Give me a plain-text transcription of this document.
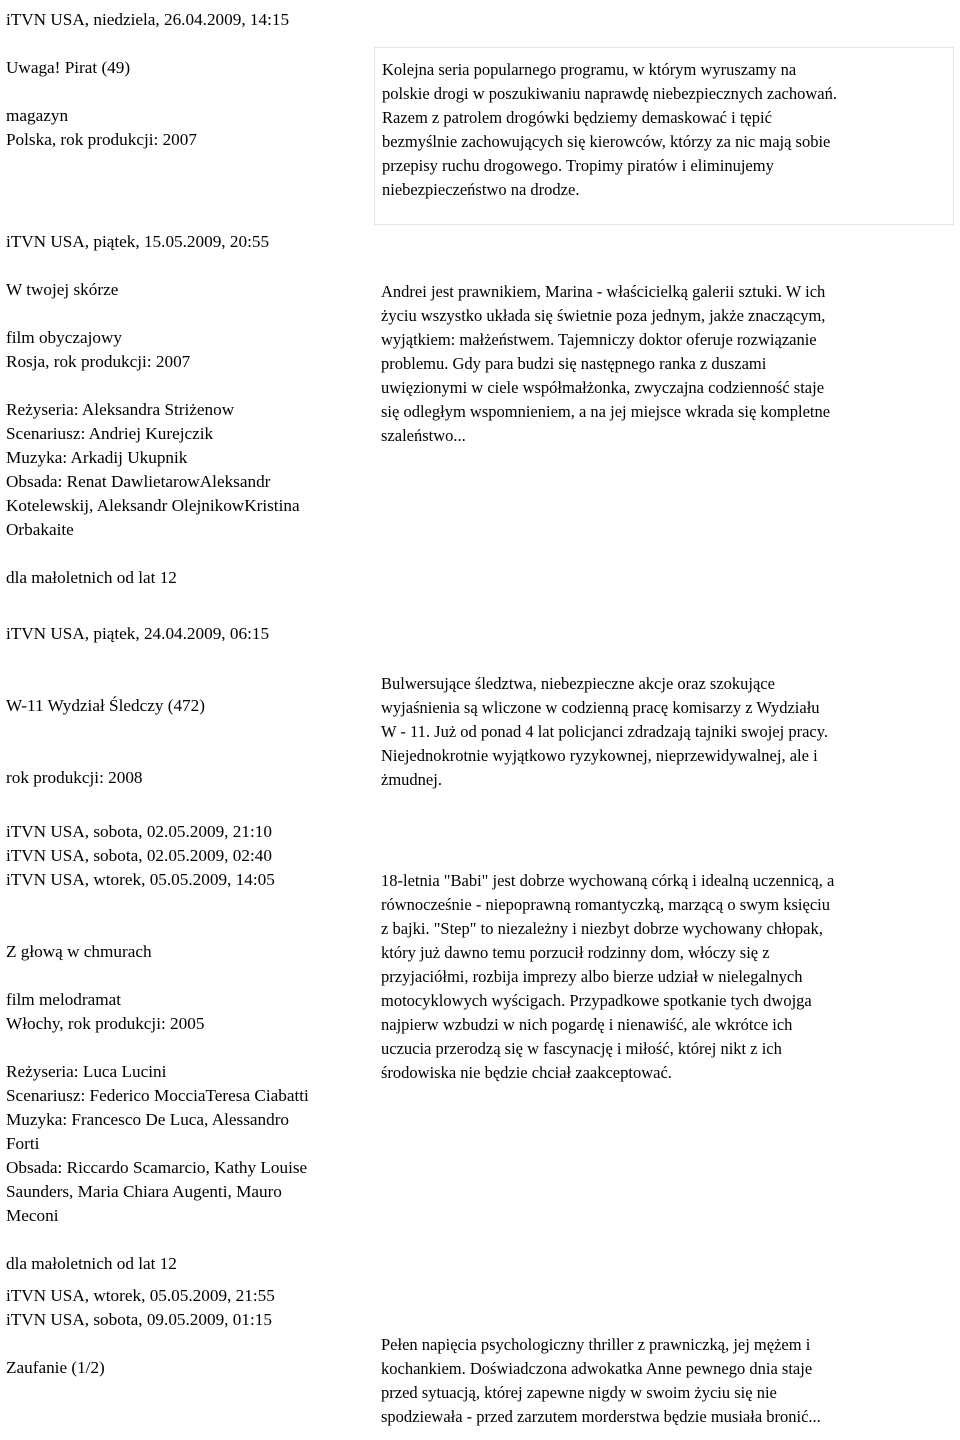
iTVN USA, niedziela, 26.04.2009, 14:15
Uwaga! Pirat (49)
magazyn
Polska, rok produkcji: 2007
Kolejna seria popularnego programu, w którym wyruszamy na
polskie drogi w poszukiwaniu naprawdę niebezpiecznych zachowań.
Razem z patrolem drogówki będziemy demaskować i tępić
bezmyślnie zachowujących się kierowców, którzy za nic mają sobie
przepisy ruchu drogowego. Tropimy piratów i eliminujemy
niebezpieczeństwo na drodze.
iTVN USA, piątek, 15.05.2009, 20:55
W twojej skórze
film obyczajowy
Rosja, rok produkcji: 2007
Reżyseria: Aleksandra Striżenow
Scenariusz: Andriej Kurejczik
Muzyka: Arkadij Ukupnik
Obsada: Renat DawlietarowAleksandr
Kotelewskij, Aleksandr OlejnikowKristina
Orbakaite
dla małoletnich od lat 12
Andrei jest prawnikiem, Marina - właścicielką galerii sztuki. W ich
życiu wszystko układa się świetnie poza jednym, jakże znaczącym,
wyjątkiem: małżeństwem. Tajemniczy doktor oferuje rozwiązanie
problemu. Gdy para budzi się następnego ranka z duszami
uwięzionymi w ciele współmałżonka, zwyczajna codzienność staje
się odległym wspomnieniem, a na jej miejsce wkrada się kompletne
szaleństwo...
iTVN USA, piątek, 24.04.2009, 06:15
W-11 Wydział Śledczy (472)
rok produkcji: 2008
Bulwersujące śledztwa, niebezpieczne akcje oraz szokujące
wyjaśnienia są wliczone w codzienną pracę komisarzy z Wydziału
W - 11. Już od ponad 4 lat policjanci zdradzają tajniki swojej pracy.
Niejednokrotnie wyjątkowo ryzykownej, nieprzewidywalnej, ale i
żmudnej.
iTVN USA, sobota, 02.05.2009, 21:10
iTVN USA, sobota, 02.05.2009, 02:40
iTVN USA, wtorek, 05.05.2009, 14:05
Z głową w chmurach
film melodramat
Włochy, rok produkcji: 2005
Reżyseria: Luca Lucini
Scenariusz: Federico MocciaTeresa Ciabatti
Muzyka: Francesco De Luca, Alessandro
Forti
Obsada: Riccardo Scamarcio, Kathy Louise
Saunders, Maria Chiara Augenti, Mauro
Meconi
dla małoletnich od lat 12
18-letnia "Babi" jest dobrze wychowaną córką i idealną uczennicą, a
równocześnie - niepoprawną romantyczką, marzącą o swym księciu
z bajki. "Step" to niezależny i niezbyt dobrze wychowany chłopak,
który już dawno temu porzucił rodzinny dom, włóczy się z
przyjaciółmi, rozbija imprezy albo bierze udział w nielegalnych
motocyklowych wyścigach. Przypadkowe spotkanie tych dwojga
najpierw wzbudzi w nich pogardę i nienawiść, ale wkrótce ich
uczucia przerodzą się w fascynację i miłość, której nikt z ich
środowiska nie będzie chciał zaakceptować.
iTVN USA, wtorek, 05.05.2009, 21:55
iTVN USA, sobota, 09.05.2009, 01:15
Zaufanie (1/2)
Pełen napięcia psychologiczny thriller z prawniczką, jej mężem i
kochankiem. Doświadczona adwokatka Anne pewnego dnia staje
przed sytuacją, której zapewne nigdy w swoim życiu się nie
spodziewała - przed zarzutem morderstwa będzie musiała bronić...
